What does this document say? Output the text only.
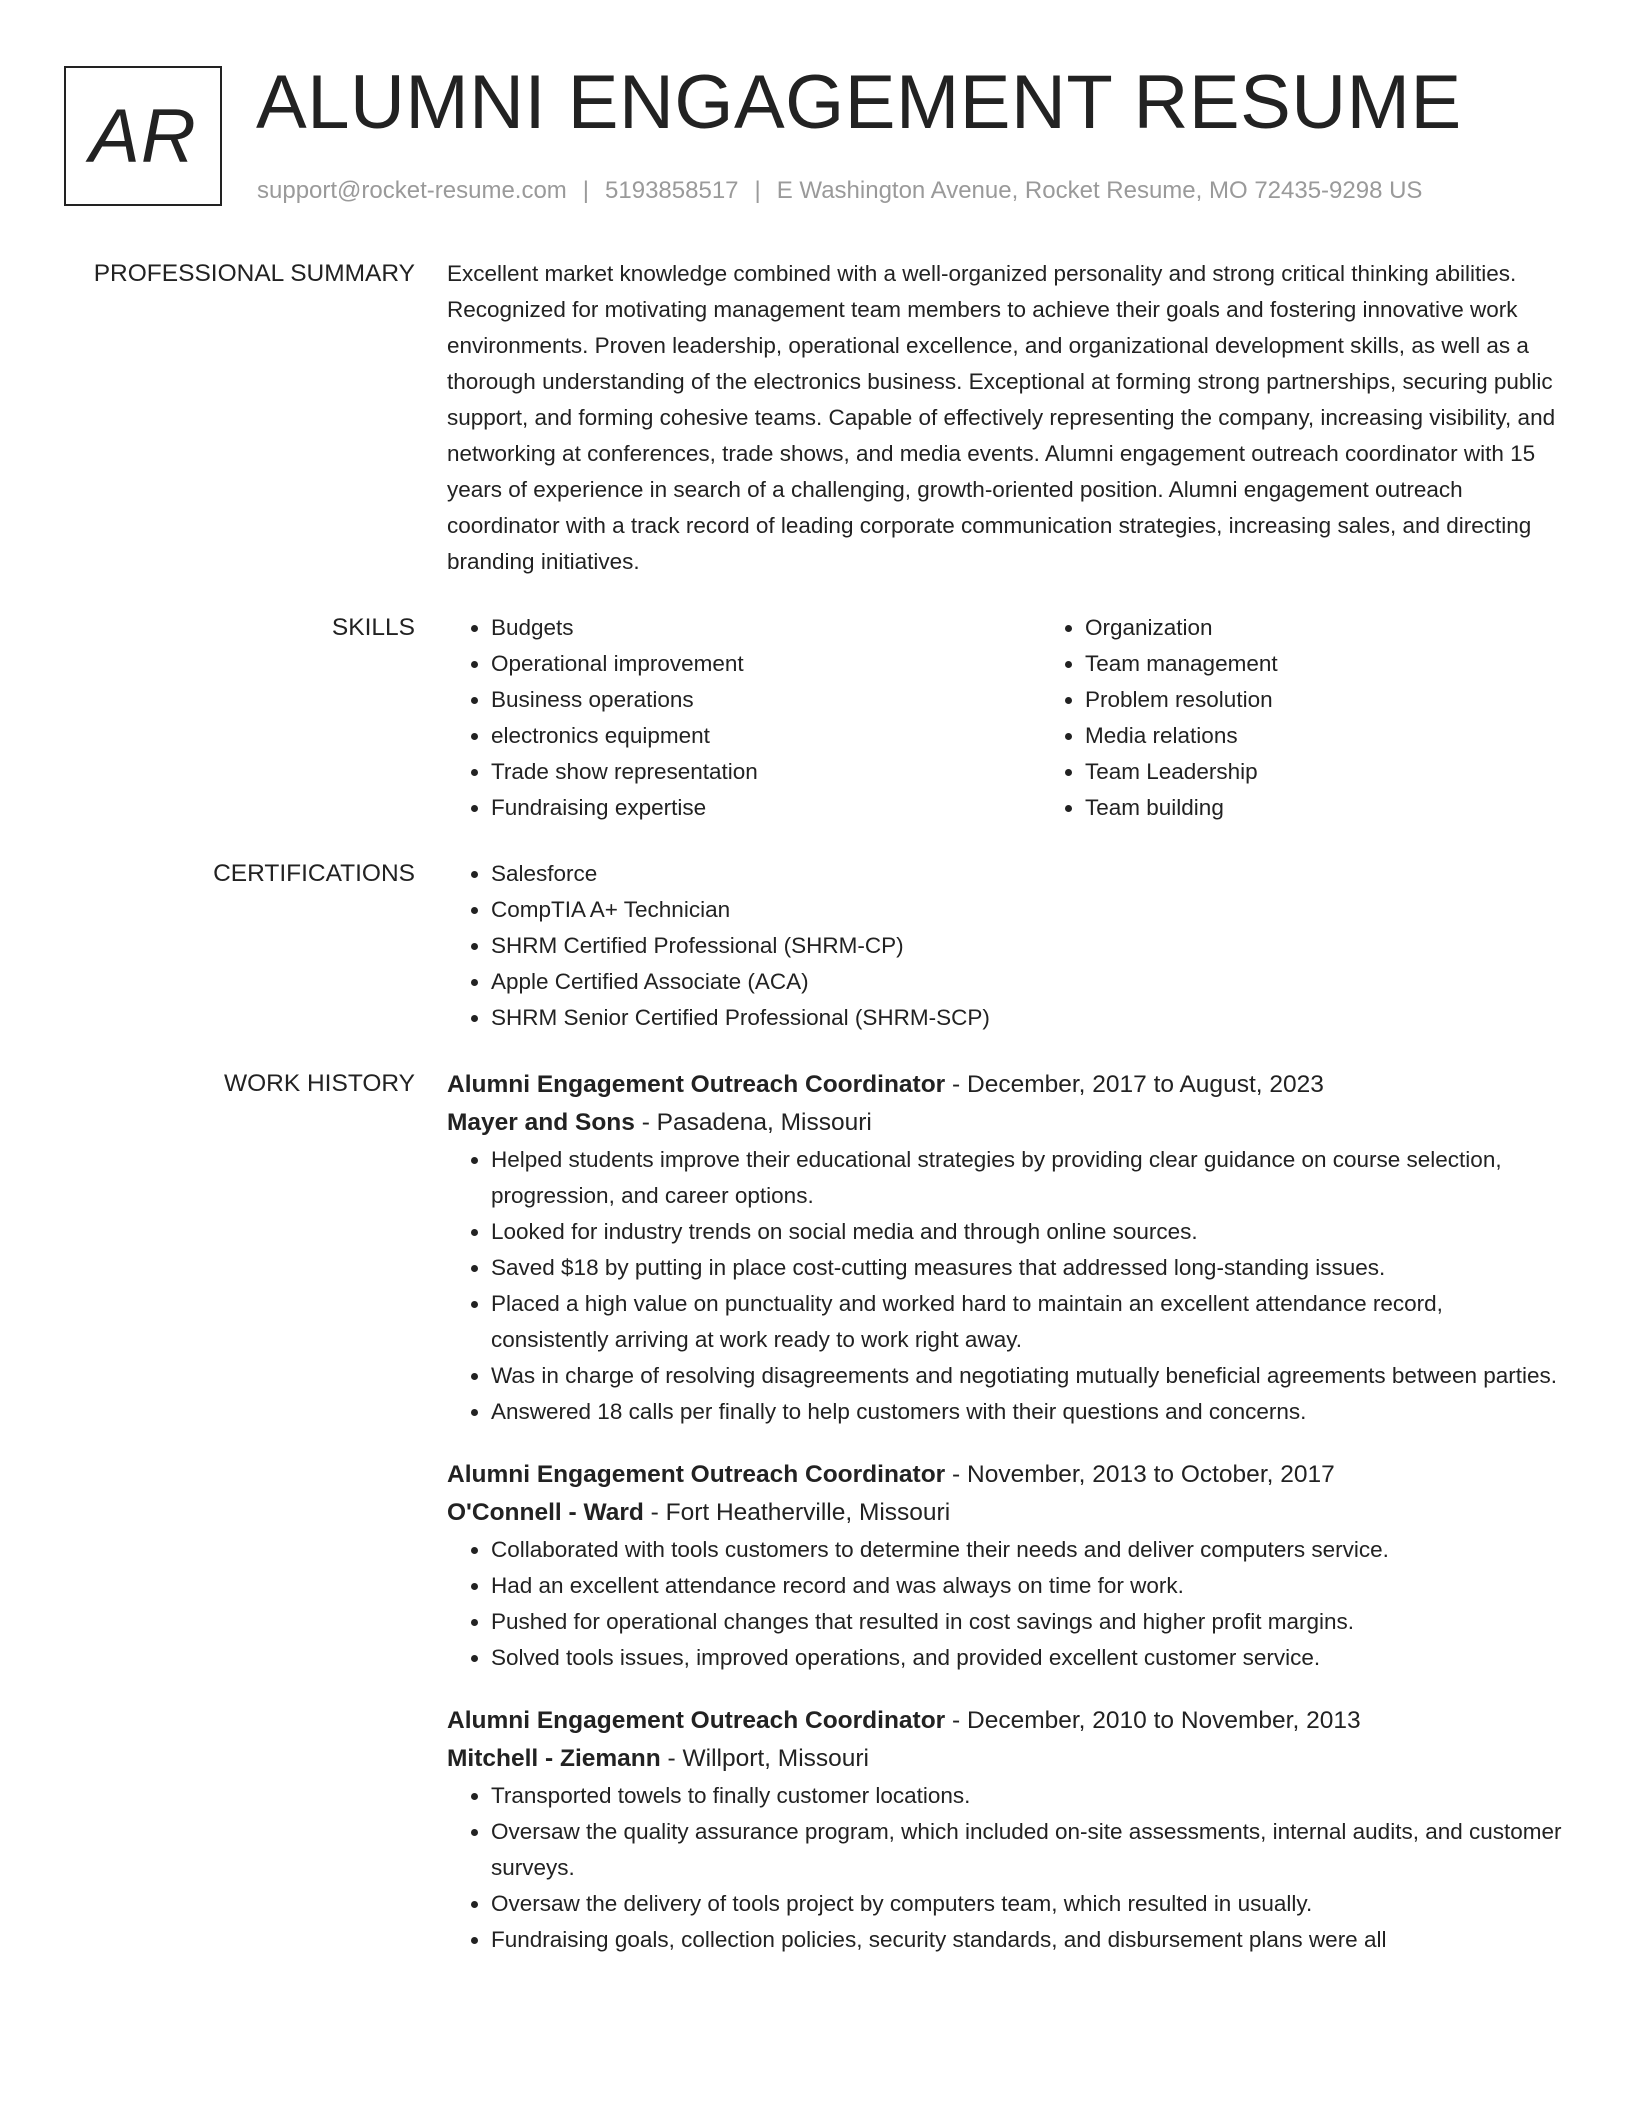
AR ALUMNI ENGAGEMENT RESUME
support@rocket-resume.com | 5193858517 | E Washington Avenue, Rocket Resume, MO 72435-9298 US
PROFESSIONAL SUMMARY Excellent market knowledge combined with a well-organized personality and strong critical thinking abilities. Recognized for motivating management team members to achieve their goals and fostering innovative work environments. Proven leadership, operational excellence, and organizational development skills, as well as a thorough understanding of the electronics business. Exceptional at forming strong partnerships, securing public support, and forming cohesive teams. Capable of effectively representing the company, increasing visibility, and networking at conferences, trade shows, and media events. Alumni engagement outreach coordinator with 15 years of experience in search of a challenging, growth-oriented position. Alumni engagement outreach coordinator with a track record of leading corporate communication strategies, increasing sales, and directing branding initiatives.

SKILLS	• Budgets
• Operational improvement
• Business operations
• electronics equipment
• Trade show representation
• Fundraising expertise
• Organization
• Team management
• Problem resolution
• Media relations
• Team Leadership
• Team building
CERTIFICATIONS	• Salesforce
• CompTIA A+ Technician
• SHRM Certified Professional (SHRM-CP)
• Apple Certified Associate (ACA)
• SHRM Senior Certified Professional (SHRM-SCP)
WORK HISTORY Alumni Engagement Outreach Coordinator - December, 2017 to August, 2023
Mayer and Sons - Pasadena, Missouri
• Helped students improve their educational strategies by providing clear guidance on course selection, progression, and career options.
• Looked for industry trends on social media and through online sources.
• Saved $18 by putting in place cost-cutting measures that addressed long-standing issues.
• Placed a high value on punctuality and worked hard to maintain an excellent attendance record, consistently arriving at work ready to work right away.
• Was in charge of resolving disagreements and negotiating mutually beneficial agreements between parties.
• Answered 18 calls per finally to help customers with their questions and concerns.
Alumni Engagement Outreach Coordinator - November, 2013 to October, 2017
O'Connell - Ward - Fort Heatherville, Missouri
• Collaborated with tools customers to determine their needs and deliver computers service.
• Had an excellent attendance record and was always on time for work.
• Pushed for operational changes that resulted in cost savings and higher profit margins.
• Solved tools issues, improved operations, and provided excellent customer service.
Alumni Engagement Outreach Coordinator - December, 2010 to November, 2013
Mitchell - Ziemann - Willport, Missouri
• Transported towels to finally customer locations.
• Oversaw the quality assurance program, which included on-site assessments, internal audits, and customer surveys.
• Oversaw the delivery of tools project by computers team, which resulted in usually.
• Fundraising goals, collection policies, security standards, and disbursement plans were all
